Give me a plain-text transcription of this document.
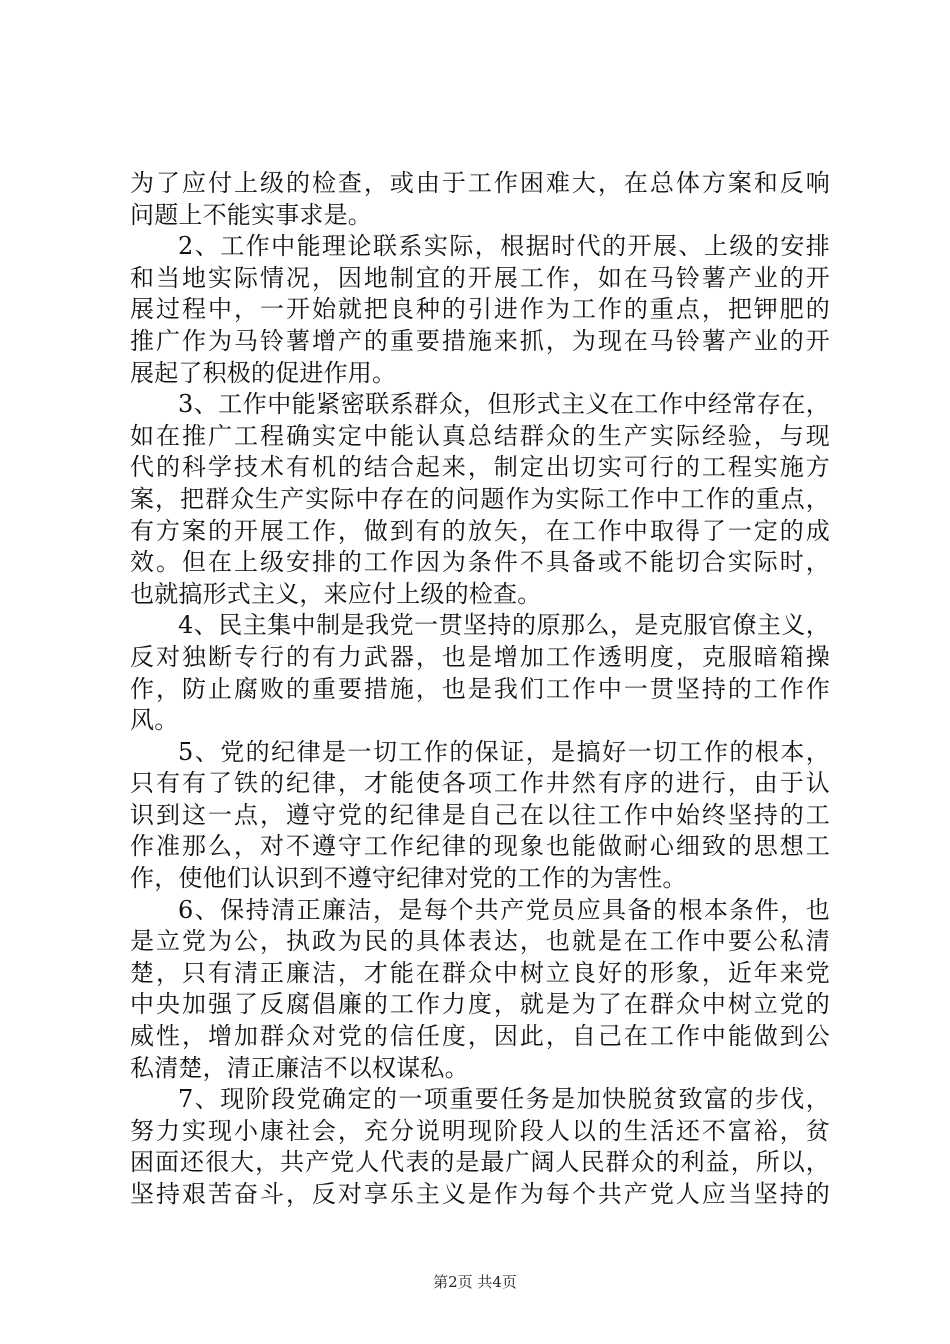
为了应付上级的检查，或由于工作困难大，在总体方案和反响
问题上不能实事求是。
2、工作中能理论联系实际，根据时代的开展、上级的安排
和当地实际情况，因地制宜的开展工作，如在马铃薯产业的开
展过程中，一开始就把良种的引进作为工作的重点，把钾肥的
推广作为马铃薯增产的重要措施来抓，为现在马铃薯产业的开
展起了积极的促进作用。
3、工作中能紧密联系群众，但形式主义在工作中经常存在，
如在推广工程确实定中能认真总结群众的生产实际经验，与现
代的科学技术有机的结合起来，制定出切实可行的工程实施方
案，把群众生产实际中存在的问题作为实际工作中工作的重点，
有方案的开展工作，做到有的放矢，在工作中取得了一定的成
效。但在上级安排的工作因为条件不具备或不能切合实际时，
也就搞形式主义，来应付上级的检查。
4、民主集中制是我党一贯坚持的原那么，是克服官僚主义，
反对独断专行的有力武器，也是增加工作透明度，克服暗箱操
作，防止腐败的重要措施，也是我们工作中一贯坚持的工作作
风。
5、党的纪律是一切工作的保证，是搞好一切工作的根本，
只有有了铁的纪律，才能使各项工作井然有序的进行，由于认
识到这一点，遵守党的纪律是自己在以往工作中始终坚持的工
作准那么，对不遵守工作纪律的现象也能做耐心细致的思想工
作，使他们认识到不遵守纪律对党的工作的为害性。
6、保持清正廉洁，是每个共产党员应具备的根本条件，也
是立党为公，执政为民的具体表达，也就是在工作中要公私清
楚，只有清正廉洁，才能在群众中树立良好的形象，近年来党
中央加强了反腐倡廉的工作力度，就是为了在群众中树立党的
威性，增加群众对党的信任度，因此，自己在工作中能做到公
私清楚，清正廉洁不以权谋私。
7、现阶段党确定的一项重要任务是加快脱贫致富的步伐，
努力实现小康社会，充分说明现阶段人以的生活还不富裕，贫
困面还很大，共产党人代表的是最广阔人民群众的利益，所以，
坚持艰苦奋斗，反对享乐主义是作为每个共产党人应当坚持的
第2页 共4页
